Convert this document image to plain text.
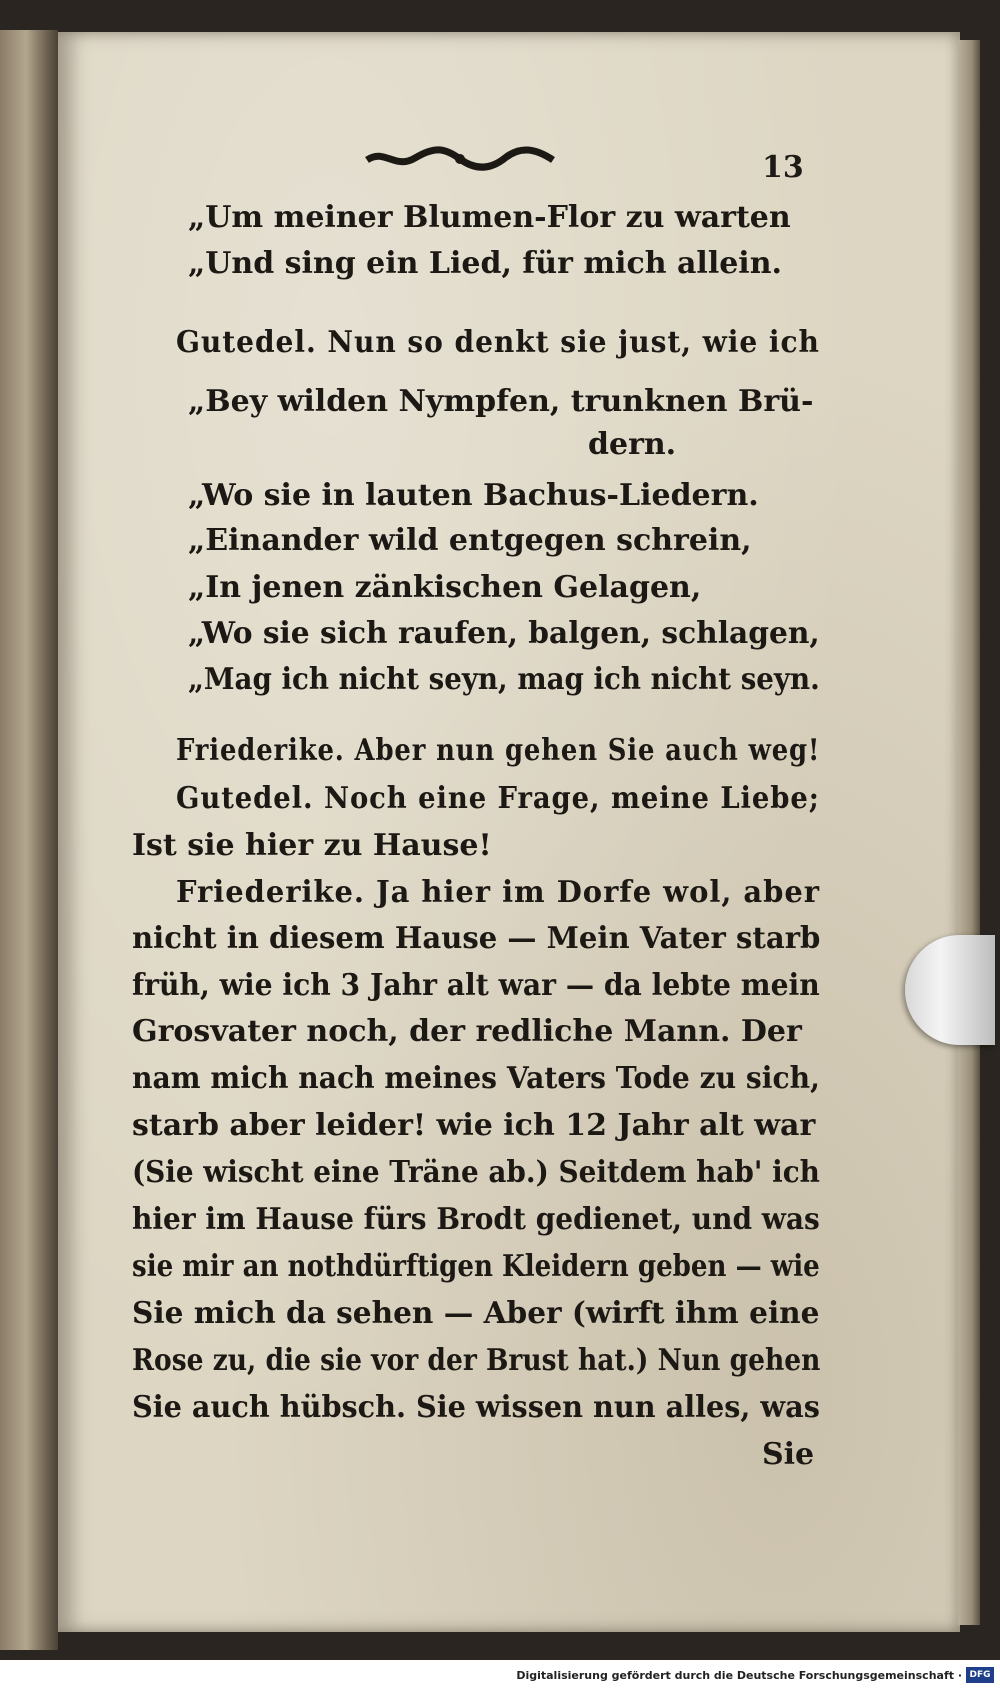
13
„Um meiner Blumen-Flor zu warten
„Und sing ein Lied, für mich allein.
Gutedel. Nun so denkt sie just, wie ich
„Bey wilden Nympfen, trunknen Brü-
dern.
„Wo sie in lauten Bachus-Liedern.
„Einander wild entgegen schrein,
„In jenen zänkischen Gelagen,
„Wo sie sich raufen, balgen, schlagen,
„Mag ich nicht seyn, mag ich nicht seyn.
Friederike. Aber nun gehen Sie auch weg!
Gutedel. Noch eine Frage, meine Liebe;
Ist sie hier zu Hause!
Friederike. Ja hier im Dorfe wol, aber
nicht in diesem Hause — Mein Vater starb
früh, wie ich 3 Jahr alt war — da lebte mein
Grosvater noch, der redliche Mann. Der
nam mich nach meines Vaters Tode zu sich,
starb aber leider! wie ich 12 Jahr alt war
(Sie wischt eine Träne ab.) Seitdem hab' ich
hier im Hause fürs Brodt gedienet, und was
sie mir an nothdürftigen Kleidern geben — wie
Sie mich da sehen — Aber (wirft ihm eine
Rose zu, die sie vor der Brust hat.) Nun gehen
Sie auch hübsch. Sie wissen nun alles, was
Sie
Digitalisierung gefördert durch die Deutsche Forschungsgemeinschaft · DFG
